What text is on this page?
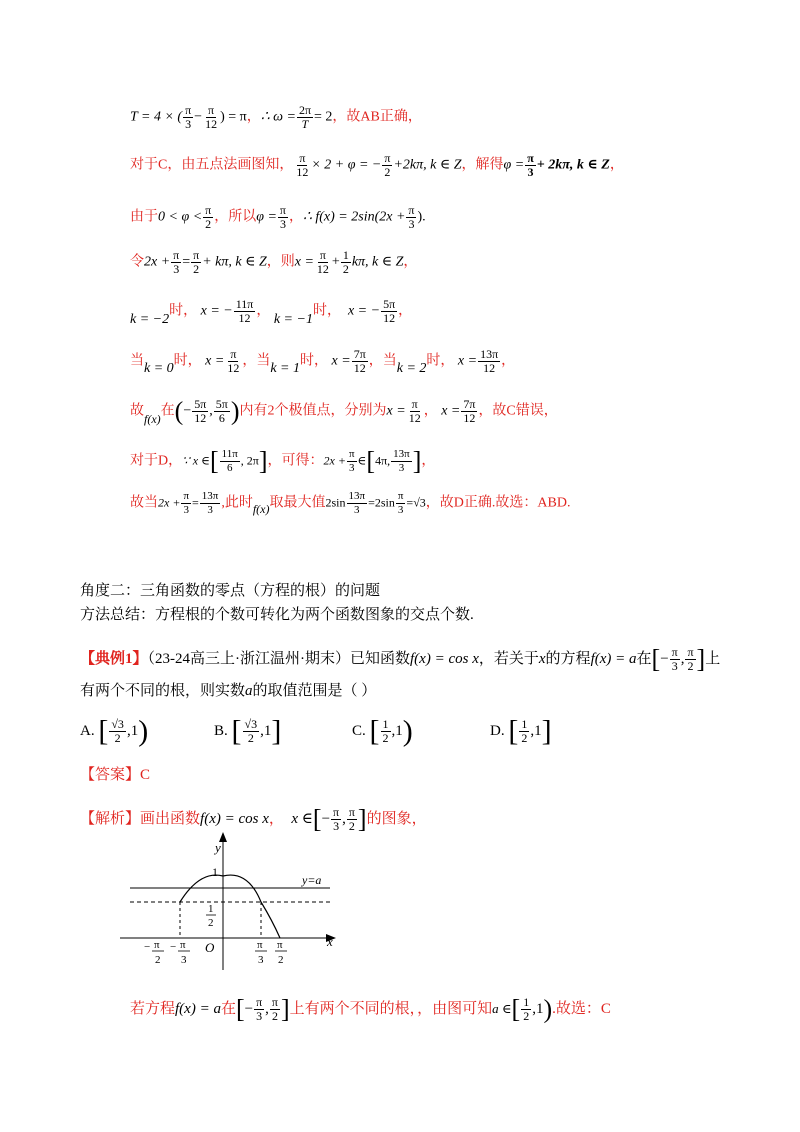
T = 4 × ( $\frac{\pi}{3} - \frac{\pi}{12}$ ) = π，∴ $\omega = \frac{2\pi}{T} = 2$，故AB正确，
对于C，由五点法画图知， $\frac{\pi}{12} \times 2 + \varphi$ = − $\frac{\pi}{2} +2k\pi$, k ∈ Z，解得$\varphi = \frac{\pi}{3} + 2k\pi$, k ∈ Z，
由于$0 < \varphi < \frac{\pi}{2}$ ，所以$\varphi = \frac{\pi}{3}$ ，∴ $f(x) = 2\sin(2x + \frac{\pi}{3}$ ).
令$2x + \frac{\pi}{3} = \frac{\pi}{2} + k\pi$, k ∈ Z，则$x = \frac{\pi}{12} + \frac{1}{2} k\pi$, k ∈ Z，
k = −2时， x = − $\frac{11\pi}{12}$ ， k = −1时， x = − $\frac{5\pi}{12}$ ，
当k = 0时， $x = \frac{\pi}{12}$ ，当k = 1时， $x = \frac{7\pi}{12}$ ，当k = 2时， $x = \frac{13\pi}{12}$ ，
故f(x)在(− $\frac{5\pi}{12}$ , $\frac{5\pi}{6}$ )内有2个极值点，分别为$x = \frac{\pi}{12}$ ， $x = \frac{7\pi}{12}$ ，故C错误，
对于D，∵ x ∈[ $\frac{11\pi}{6}$ , 2π]，可得：$2x + \frac{\pi}{3}$ ∈[4π, $\frac{13\pi}{3}$ ]，
故当$2x + \frac{\pi}{3} = \frac{13\pi}{3}$ ,此时f(x)取最大值$2\sin \frac{13\pi}{3} =2\sin \frac{\pi}{3} =√3$，故D正确.故选：ABD.
角度二：三角函数的零点（方程的根）的问题
方法总结：方程根的个数可转化为两个函数图象的交点个数.
【典例1】（23-24高三上·浙江温州·期末）已知函数f(x) = cos x，若关于x的方程f(x) = a在[− $\frac{\pi}{3}$ , $\frac{\pi}{2}$ ]上
有两个不同的根，则实数a的取值范围是（ ）
A. [ $\frac{√3}{2} ,1$)	B. [ $\frac{√3}{2} ,1$]	C. [ $\frac{1}{2} ,1$)	D. [ $\frac{1}{2} ,1$]
【答案】C
【解析】画出函数f(x) = cos x， x ∈[− $\frac{\pi}{3}$ , $\frac{\pi}{2}$ ]的图象，
y
x
O
1
y=a
1
2
− π
2
− π
3
π
3
π
2
若方程f(x) = a在[− $\frac{\pi}{3}$ , $\frac{\pi}{2}$ ]上有两个不同的根，，由图可知a ∈[ $\frac{1}{2} ,1$).故选：C
